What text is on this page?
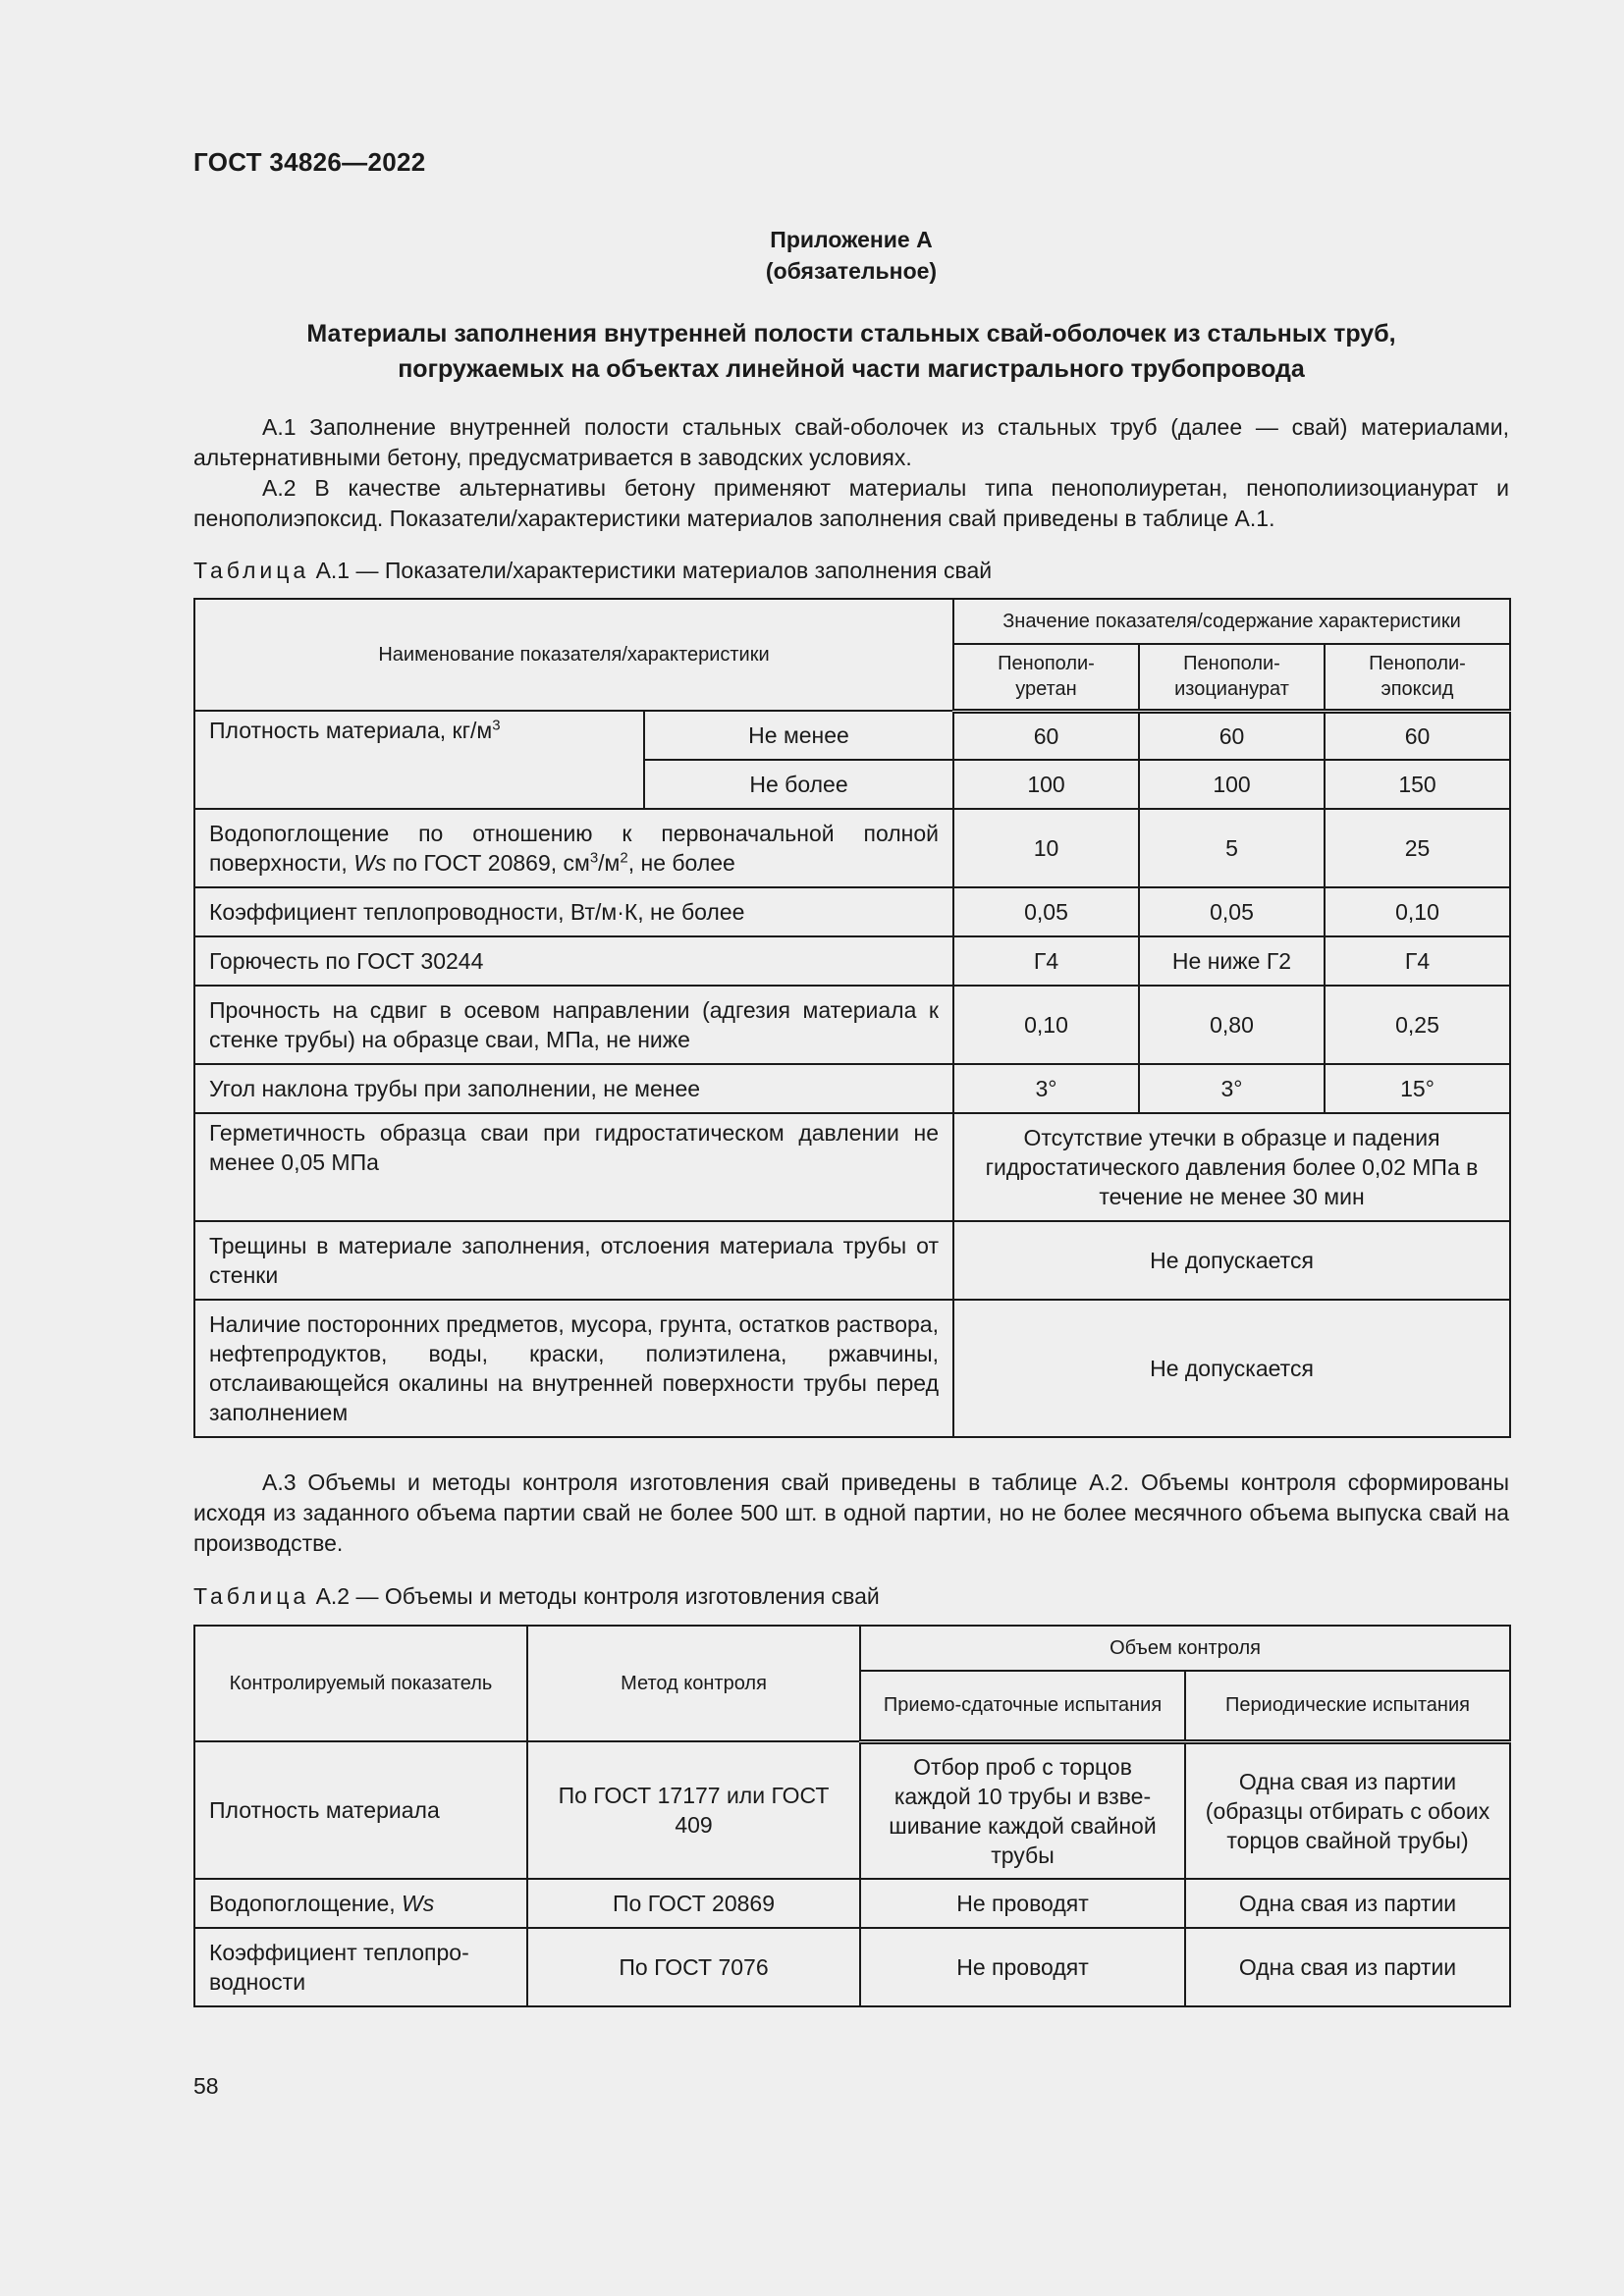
ГОСТ 34826—2022
Приложение А
(обязательное)
Материалы заполнения внутренней полости стальных свай-оболочек из стальных труб,
погружаемых на объектах линейной части магистрального трубопровода

А.1 Заполнение внутренней полости стальных свай-оболочек из стальных труб (далее — свай) материалами, альтернативными бетону, предусматривается в заводских условиях.

А.2 В качестве альтернативы бетону применяют материалы типа пенополиуретан, пенополиизоцианурат и пенополиэпоксид. Показатели/характеристики материалов заполнения свай приведены в таблице А.1.

Таблица А.1 — Показатели/характеристики материалов заполнения свай
Наименование показателя/характеристики		Значение показателя/содержание характеристики		
		Пенополи-уретан	Пенополи-изоцианурат	Пенополи-эпоксид
Плотность материала, $кг/м^3$	Не менее	60	60	60
	Не более	100	100	150
Водопоглощение по отношению к первоначальной полной поверхности, Ws по ГОСТ 20869, $см^3/м^2$, не более		10	5	25
Коэффициент теплопроводности, Вт/м·К, не более		0,05	0,05	0,10
Горючесть по ГОСТ 30244		Г4	Не ниже Г2	Г4
Прочность на сдвиг в осевом направлении (адгезия материала к стенке трубы) на образце сваи, МПа, не ниже		0,10	0,80	0,25
Угол наклона трубы при заполнении, не менее		3°	3°	15°
Герметичность образца сваи при гидростатическом давлении не менее 0,05 МПа		Отсутствие утечки в образце и падения гидростатического давления более 0,02 МПа в течение не менее 30 мин		
Трещины в материале заполнения, отслоения материала трубы от стенки		Не допускается		
Наличие посторонних предметов, мусора, грунта, остатков раствора, нефтепродуктов, воды, краски, полиэтилена, ржавчины, отслаивающейся окалины на внутренней поверхности трубы перед заполнением		Не допускается		

А.3 Объемы и методы контроля изготовления свай приведены в таблице А.2. Объемы контроля сформированы исходя из заданного объема партии свай не более 500 шт. в одной партии, но не более месячного объема выпуска свай на производстве.

Таблица А.2 — Объемы и методы контроля изготовления свай
Контролируемый показатель	Метод контроля	Объем контроля	
		Приемо-сдаточные испытания	Периодические испытания
Плотность материала	По ГОСТ 17177 или ГОСТ 409	Отбор проб с торцов каждой 10 трубы и взвешивание каждой свайной трубы	Одна свая из партии (образцы отбирать с обоих торцов свайной трубы)
Водопоглощение, Ws	По ГОСТ 20869	Не проводят	Одна свая из партии
Коэффициент теплопроводности	По ГОСТ 7076	Не проводят	Одна свая из партии
58
